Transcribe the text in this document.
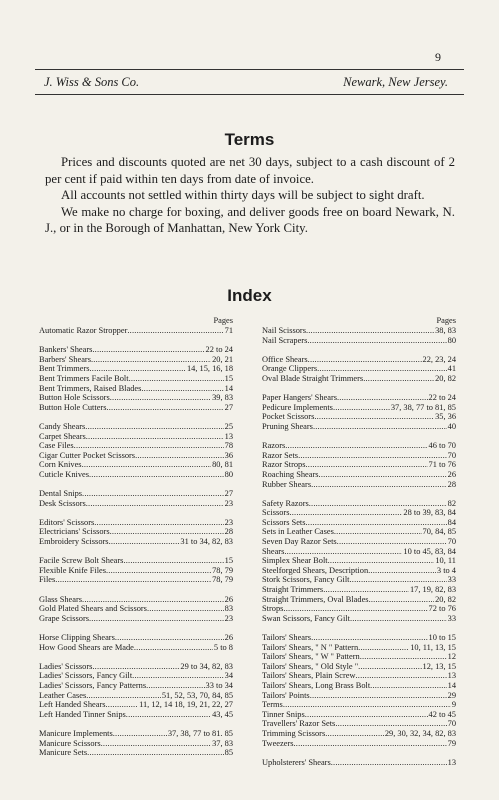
9
J. Wiss & Sons Co.	Newark, New Jersey.
Terms

Prices and discounts quoted are net 30 days, subject to a cash discount of 2 per cent if paid within ten days from date of invoice.

All accounts not settled within thirty days will be subject to sight draft.

We make no charge for boxing, and deliver goods free on board Newark, N. J., or in the Borough of Manhattan, New York City.

Index
Pages
Automatic Razor Stropper .....	71
Bankers' Shears .....	22 to 24
Barbers' Shears .....	20, 21
Bent Trimmers .....	14, 15, 16, 18
Bent Trimmers Facile Bolt .....	15
Bent Trimmers, Raised Blades .....	14
Button Hole Scissors .....	39, 83
Button Hole Cutters .....	27
Candy Shears .....	25
Carpet Shears .....	13
Case Files .....	78
Cigar Cutter Pocket Scissors .....	36
Corn Knives .....	80, 81
Cuticle Knives .....	80
Dental Snips .....	27
Desk Scissors .....	23
Editors' Scissors .....	23
Electricians' Scissors .....	28
Embroidery Scissors .....	31 to 34, 82, 83
Facile Screw Bolt Shears .....	15
Flexible Knife Files .....	78, 79
Files .....	78, 79
Glass Shears .....	26
Gold Plated Shears and Scissors .....	83
Grape Scissors .....	23
Horse Clipping Shears .....	26
How Good Shears are Made .....	5 to 8
Ladies' Scissors .....	29 to 34, 82, 83
Ladies' Scissors, Fancy Gilt .....	34
Ladies' Scissors, Fancy Patterns .....	33 to 34
Leather Cases .....	51, 52, 53, 70, 84, 85
Left Handed Shears .....	11, 12, 14 18, 19, 21, 22, 27
Left Handed Tinner Snips .....	43, 45
Manicure Implements .....	37, 38, 77 to 81. 85
Manicure Scissors .....	37, 83
Manicure Sets .....	85
Pages
Nail Scissors .....	38, 83
Nail Scrapers .....	80
Office Shears .....	22, 23, 24
Orange Clippers .....	41
Oval Blade Straight Trimmers .....	20, 82
Paper Hangers' Shears .....	22 to 24
Pedicure Implements .....	37, 38, 77 to 81, 85
Pocket Scissors .....	35, 36
Pruning Shears .....	40
Razors .....	46 to 70
Razor Sets .....	70
Razor Strops .....	71 to 76
Roaching Shears .....	26
Rubber Shears .....	28
Safety Razors .....	82
Scissors .....	28 to 39, 83, 84
Scissors Sets .....	84
Sets in Leather Cases .....	70, 84, 85
Seven Day Razor Sets .....	70
Shears .....	10 to 45, 83, 84
Simplex Shear Bolt .....	10, 11
Steelforged Shears, Description .....	3 to 4
Stork Scissors, Fancy Gilt .....	33
Straight Trimmers .....	17, 19, 82, 83
Straight Trimmers, Oval Blades .....	20, 82
Strops .....	72 to 76
Swan Scissors, Fancy Gilt .....	33
Tailors' Shears .....	10 to 15
Tailors' Shears, " N " Pattern .....	10, 11, 13, 15
Tailors' Shears, " W " Pattern .....	12
Tailors' Shears, " Old Style " .....	12, 13, 15
Tailors' Shears, Plain Screw .....	13
Tailors' Shears, Long Brass Bolt .....	14
Tailors' Points .....	29
Terms .....	9
Tinner Snips .....	42 to 45
Travellers' Razor Sets .....	70
Trimming Scissors .....	29, 30, 32, 34, 82, 83
Tweezers .....	79
Upholsterers' Shears .....	13
